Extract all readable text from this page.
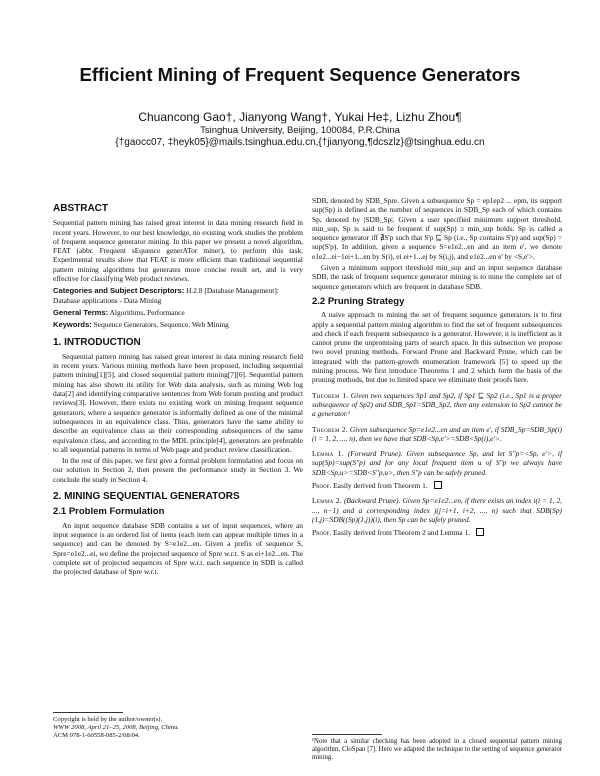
Efficient Mining of Frequent Sequence Generators
Chuancong Gao†, Jianyong Wang†, Yukai He‡, Lizhu Zhou¶
Tsinghua University, Beijing, 100084, P.R.China
{†gaocc07, ‡heyk05}@mails.tsinghua.edu.cn,{†jianyong,¶dcszlz}@tsinghua.edu.cn
ABSTRACT

Sequential pattern mining has raised great interest in data mining research field in recent years. However, to our best knowledge, no existing work studies the problem of frequent sequence generator mining. In this paper we present a novel algorithm, FEAT (abbr. Frequent sEquence generATor miner), to perform this task. Experimental results show that FEAT is more efficient than traditional sequential pattern mining algorithms but generates more concise result set, and is very effective for classifying Web product reviews.

Categories and Subject Descriptors: H.2.8 [Database Management]: Database applications - Data Mining
General Terms: Algorithms, Performance
Keywords: Sequence Generators, Sequence, Web Mining
1. INTRODUCTION

Sequential pattern mining has raised great interest in data mining research field in recent years. Various mining methods have been proposed, including sequential pattern mining[1][5], and closed sequential pattern mining[7][6]. Sequential pattern mining has also shown its utility for Web data analysis, such as mining Web log data[2] and identifying comparative sentences from Web forum posting and product reviews[3]. However, there exists no existing work on mining frequent sequence generators, where a sequence generator is informally defined as one of the minimal subsequences in an equivalence class. Thus, generators have the same ability to describe an equivalence class as their corresponding subsequences of the same equivalence class, and according to the MDL principle[4], generators are preferable to all sequential patterns in terms of Web page and product review classification.

In the rest of this paper, we first give a formal problem formulation and focus on our solution in Section 2, then present the performance study in Section 3. We conclude the study in Section 4.

2. MINING SEQUENTIAL GENERATORS
2.1 Problem Formulation

An input sequence database SDB contains a set of input sequences, where an input sequence is an ordered list of items (each item can appear multiple times in a sequence) and can be denoted by S=e1e2...en. Given a prefix of sequence S, Spre=e1e2...ei, we define the projected sequence of Spre w.r.t. S as ei+1e2...en. The complete set of projected sequences of Spre w.r.t. each sequence in SDB is called the projected database of Spre w.r.t.

Copyright is held by the author/owner(s).
WWW 2008, April 21–25, 2008, Beijing, China.
ACM 978-1-60558-085-2/08/04.

SDB, denoted by SDB_Spre. Given a subsequence Sp = ep1ep2 ... epm, its support sup(Sp) is defined as the number of sequences in SDB_Sp each of which contains Sp, denoted by |SDB_Sp|. Given a user specified minimum support threshold, min_sup, Sp is said to be frequent if sup(Sp) ≥ min_sup holds. Sp is called a sequence generator iff ∄S'p such that S'p ⊑ Sp (i.e., Sp contains S'p) and sup(Sp) = sup(S'p). In addition, given a sequence S=e1e2...en and an item e', we denote e1e2...ei−1ei+1...en by S(i), ei ei+1...ej by S(i,j), and e1e2...en e' by <S,e'>.

Given a minimum support threshold min_sup and an input sequence database SDB, the task of frequent sequence generator mining is to mine the complete set of sequence generators which are frequent in database SDB.

2.2 Pruning Strategy

A naive approach to mining the set of frequent sequence generators is to first apply a sequential pattern mining algorithm to find the set of frequent subsequences and check if each frequent subsequence is a generator. However, it is inefficient as it cannot prune the unpromising parts of search space. In this subsection we propose two novel pruning methods, Forward Prune and Backward Prune, which can be integrated with the pattern-growth enumeration framework [5] to speed up the mining process. We first introduce Theorems 1 and 2 which form the basis of the pruning methods, but due to limited space we eliminate their proofs here.

Theorem 1. Given two sequences Sp1 and Sp2, if Sp1 ⊑ Sp2 (i.e., Sp1 is a proper subsequence of Sp2) and SDB_Sp1=SDB_Sp2, then any extension to Sp2 cannot be a generator.¹
Theorem 2. Given subsequence Sp=e1e2...en and an item e', if SDB_Sp=SDB_Sp(i) (i = 1, 2, ..., n), then we have that SDB<Sp,e'>=SDB<Sp(i),e'>.
Lemma 1. (Forward Prune). Given subsequence Sp, and let S''p=<Sp, e'>, if sup(Sp)=sup(S''p) and for any local frequent item u of S''p we always have SDB<Sp,u>=SDB<S''p,u>, then S''p can be safely pruned.
Proof. Easily derived from Theorem 1.
Lemma 2. (Backward Prune). Given Sp=e1e2...en, if there exists an index i(i = 1, 2, ..., n−1) and a corresponding index j(j=i+1, i+2, ..., n) such that SDB(Sp)(1,j)=SDB((Sp)(1,j))(i), then Sp can be safely pruned.
Proof. Easily derived from Theorem 2 and Lemma 1.

¹Note that a similar checking has been adopted in a closed sequential pattern mining algorithm, CloSpan [7]. Here we adapted the technique to the setting of sequence generator mining.
